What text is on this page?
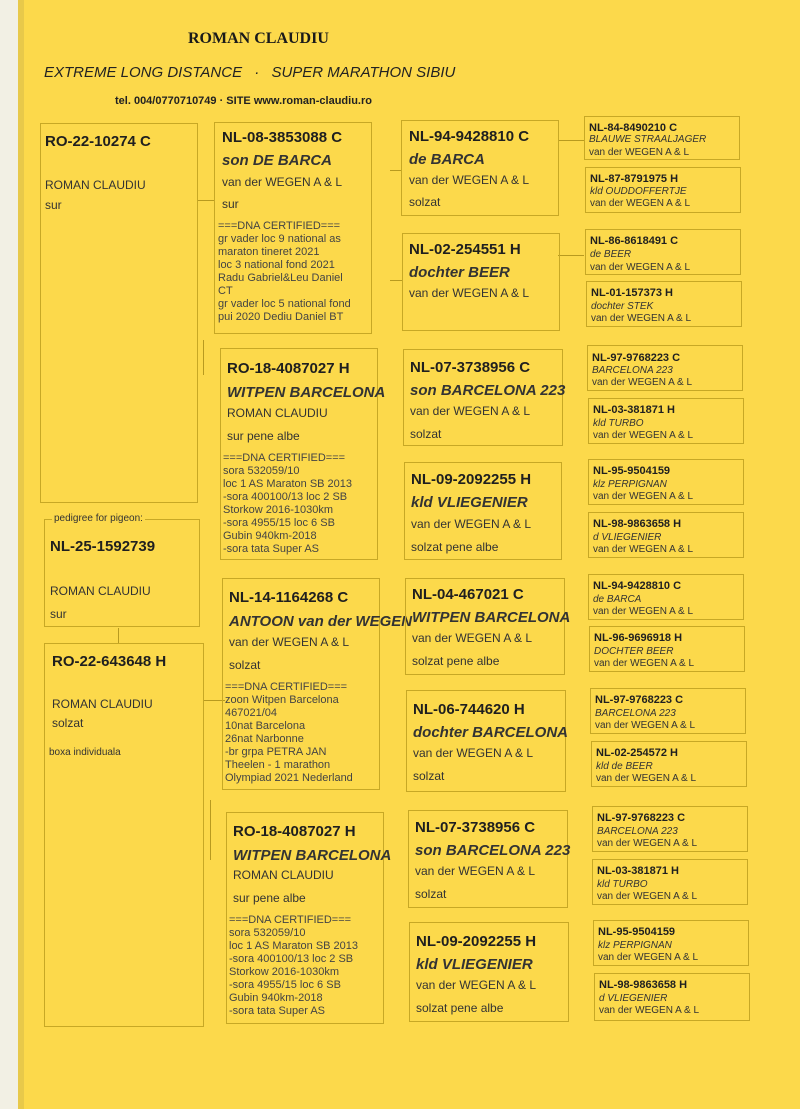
ROMAN CLAUDIU
EXTREME LONG DISTANCE · SUPER MARATHON SIBIU
tel. 004/0770710749 · SITE www.roman-claudiu.ro
RO-22-10274 C
ROMAN CLAUDIU
sur
NL-25-1592739
ROMAN CLAUDIU
sur
pedigree for pigeon:
RO-22-643648 H
ROMAN CLAUDIU
solzat
boxa individuala
NL-08-3853088 C
son DE BARCA
van der WEGEN A & L
sur
===DNA CERTIFIED===
gr vader loc 9 national as
maraton tineret 2021
loc 3 national fond 2021
Radu Gabriel&Leu Daniel
CT
gr vader loc 5 national fond
pui 2020 Dediu Daniel BT
RO-18-4087027 H
WITPEN BARCELONA
ROMAN CLAUDIU
sur pene albe
===DNA CERTIFIED===
sora 532059/10
loc 1 AS Maraton SB 2013
-sora 400100/13 loc 2 SB
Storkow 2016-1030km
-sora 4955/15 loc 6 SB
Gubin 940km-2018
-sora tata Super AS
NL-14-1164268 C
ANTOON van der WEGEN
van der WEGEN A & L
solzat
===DNA CERTIFIED===
zoon Witpen Barcelona
467021/04
10nat Barcelona
26nat Narbonne
-br grpa PETRA JAN
Theelen - 1 marathon
Olympiad 2021 Nederland
RO-18-4087027 H
WITPEN BARCELONA
ROMAN CLAUDIU
sur pene albe
===DNA CERTIFIED===
sora 532059/10
loc 1 AS Maraton SB 2013
-sora 400100/13 loc 2 SB
Storkow 2016-1030km
-sora 4955/15 loc 6 SB
Gubin 940km-2018
-sora tata Super AS
NL-94-9428810 C
de BARCA
van der WEGEN A & L
solzat
NL-02-254551 H
dochter BEER
van der WEGEN A & L
NL-07-3738956 C
son BARCELONA 223
van der WEGEN A & L
solzat
NL-09-2092255 H
kld VLIEGENIER
van der WEGEN A & L
solzat pene albe
NL-04-467021 C
WITPEN BARCELONA
van der WEGEN A & L
solzat pene albe
NL-06-744620 H
dochter BARCELONA
van der WEGEN A & L
solzat
NL-07-3738956 C
son BARCELONA 223
van der WEGEN A & L
solzat
NL-09-2092255 H
kld VLIEGENIER
van der WEGEN A & L
solzat pene albe
NL-84-8490210 C
BLAUWE STRAALJAGER
van der WEGEN A & L
NL-87-8791975 H
kld OUDDOFFERTJE
van der WEGEN A & L
NL-86-8618491 C
de BEER
van der WEGEN A & L
NL-01-157373 H
dochter STEK
van der WEGEN A & L
NL-97-9768223 C
BARCELONA 223
van der WEGEN A & L
NL-03-381871 H
kld TURBO
van der WEGEN A & L
NL-95-9504159
klz PERPIGNAN
van der WEGEN A & L
NL-98-9863658 H
d VLIEGENIER
van der WEGEN A & L
NL-94-9428810 C
de BARCA
van der WEGEN A & L
NL-96-9696918 H
DOCHTER BEER
van der WEGEN A & L
NL-97-9768223 C
BARCELONA 223
van der WEGEN A & L
NL-02-254572 H
kld de BEER
van der WEGEN A & L
NL-97-9768223 C
BARCELONA 223
van der WEGEN A & L
NL-03-381871 H
kld TURBO
van der WEGEN A & L
NL-95-9504159
klz PERPIGNAN
van der WEGEN A & L
NL-98-9863658 H
d VLIEGENIER
van der WEGEN A & L
